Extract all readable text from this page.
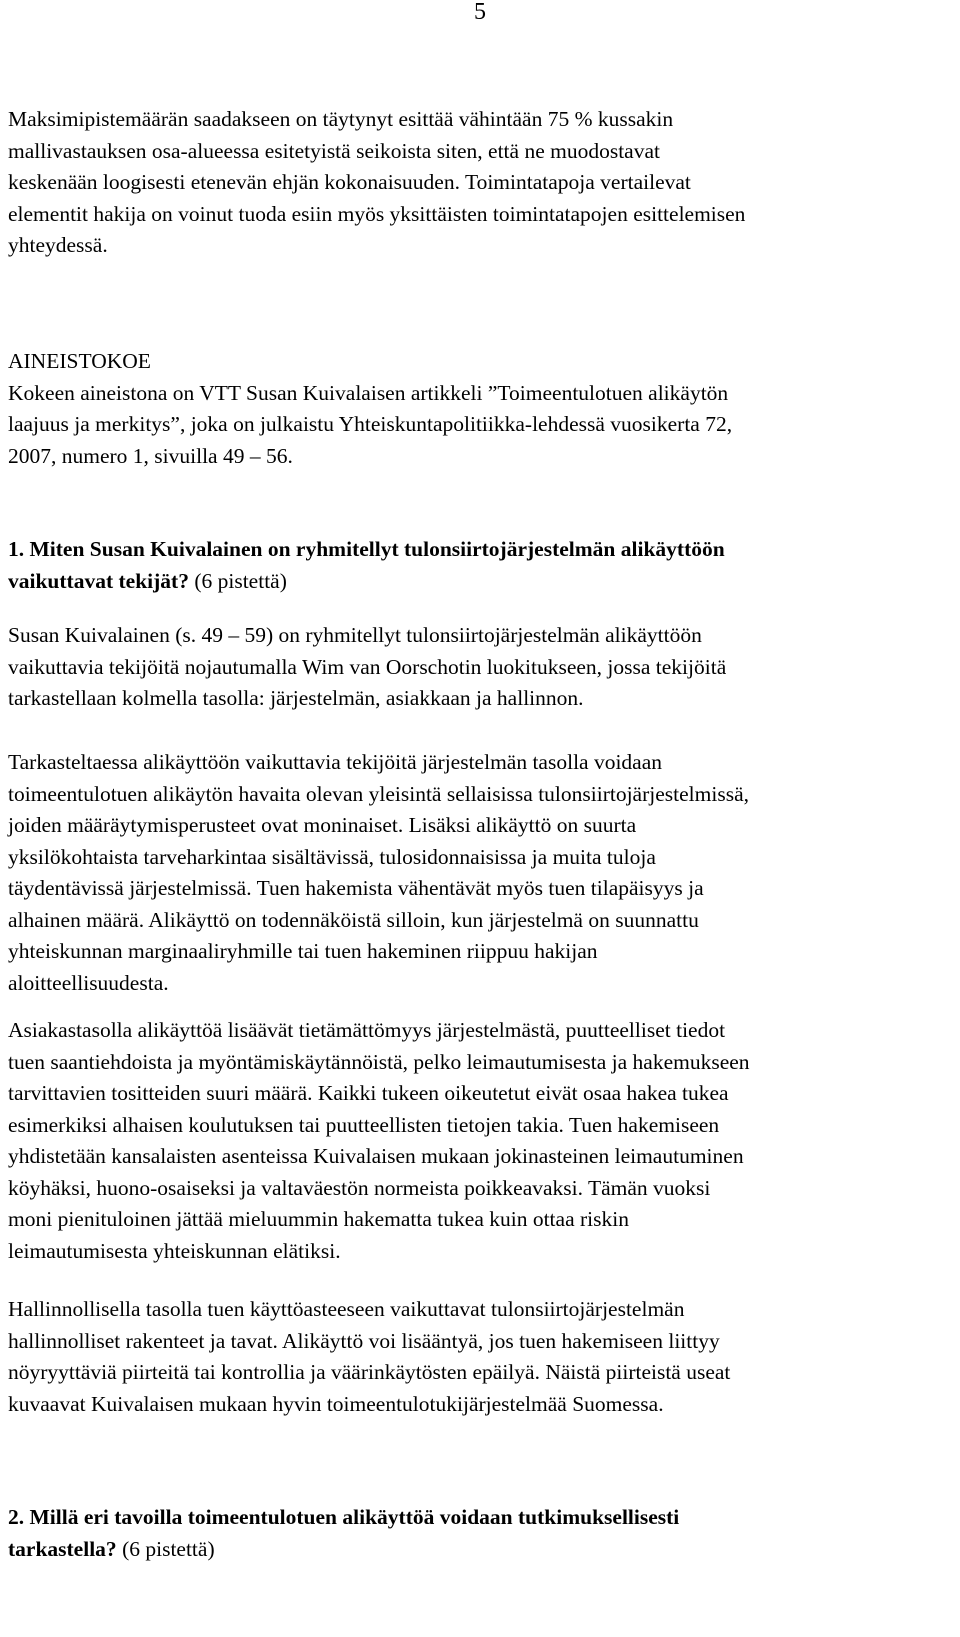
5

Maksimipistemäärän saadakseen on täytynyt esittää vähintään 75 % kussakin
mallivastauksen osa-alueessa esitetyistä seikoista siten, että ne muodostavat
keskenään loogisesti etenevän ehjän kokonaisuuden. Toimintatapoja vertailevat
elementit hakija on voinut tuoda esiin myös yksittäisten toimintatapojen esittelemisen
yhteydessä.

AINEISTOKOE
Kokeen aineistona on VTT Susan Kuivalaisen artikkeli ”Toimeentulotuen alikäytön
laajuus ja merkitys”, joka on julkaistu Yhteiskuntapolitiikka-lehdessä vuosikerta 72,
2007, numero 1, sivuilla 49 – 56.

1. Miten Susan Kuivalainen on ryhmitellyt tulonsiirtojärjestelmän alikäyttöön
vaikuttavat tekijät? (6 pistettä)

Susan Kuivalainen (s. 49 – 59) on ryhmitellyt tulonsiirtojärjestelmän alikäyttöön
vaikuttavia tekijöitä nojautumalla Wim van Oorschotin luokitukseen, jossa tekijöitä
tarkastellaan kolmella tasolla: järjestelmän, asiakkaan ja hallinnon.

Tarkasteltaessa alikäyttöön vaikuttavia tekijöitä järjestelmän tasolla voidaan
toimeentulotuen alikäytön havaita olevan yleisintä sellaisissa tulonsiirtojärjestelmissä,
joiden määräytymisperusteet ovat moninaiset. Lisäksi alikäyttö on suurta
yksilökohtaista tarveharkintaa sisältävissä, tulosidonnaisissa ja muita tuloja
täydentävissä järjestelmissä. Tuen hakemista vähentävät myös tuen tilapäisyys ja
alhainen määrä. Alikäyttö on todennäköistä silloin, kun järjestelmä on suunnattu
yhteiskunnan marginaaliryhmille tai tuen hakeminen riippuu hakijan
aloitteellisuudesta.

Asiakastasolla alikäyttöä lisäävät tietämättömyys järjestelmästä, puutteelliset tiedot
tuen saantiehdoista ja myöntämiskäytännöistä, pelko leimautumisesta ja hakemukseen
tarvittavien tositteiden suuri määrä. Kaikki tukeen oikeutetut eivät osaa hakea tukea
esimerkiksi alhaisen koulutuksen tai puutteellisten tietojen takia. Tuen hakemiseen
yhdistetään kansalaisten asenteissa Kuivalaisen mukaan jokinasteinen leimautuminen
köyhäksi, huono-osaiseksi ja valtaväestön normeista poikkeavaksi. Tämän vuoksi
moni pienituloinen jättää mieluummin hakematta tukea kuin ottaa riskin
leimautumisesta yhteiskunnan elätiksi.

Hallinnollisella tasolla tuen käyttöasteeseen vaikuttavat tulonsiirtojärjestelmän
hallinnolliset rakenteet ja tavat. Alikäyttö voi lisääntyä, jos tuen hakemiseen liittyy
nöyryyttäviä piirteitä tai kontrollia ja väärinkäytösten epäilyä. Näistä piirteistä useat
kuvaavat Kuivalaisen mukaan hyvin toimeentulotukijärjestelmää Suomessa.

2. Millä eri tavoilla toimeentulotuen alikäyttöä voidaan tutkimuksellisesti
tarkastella? (6 pistettä)
